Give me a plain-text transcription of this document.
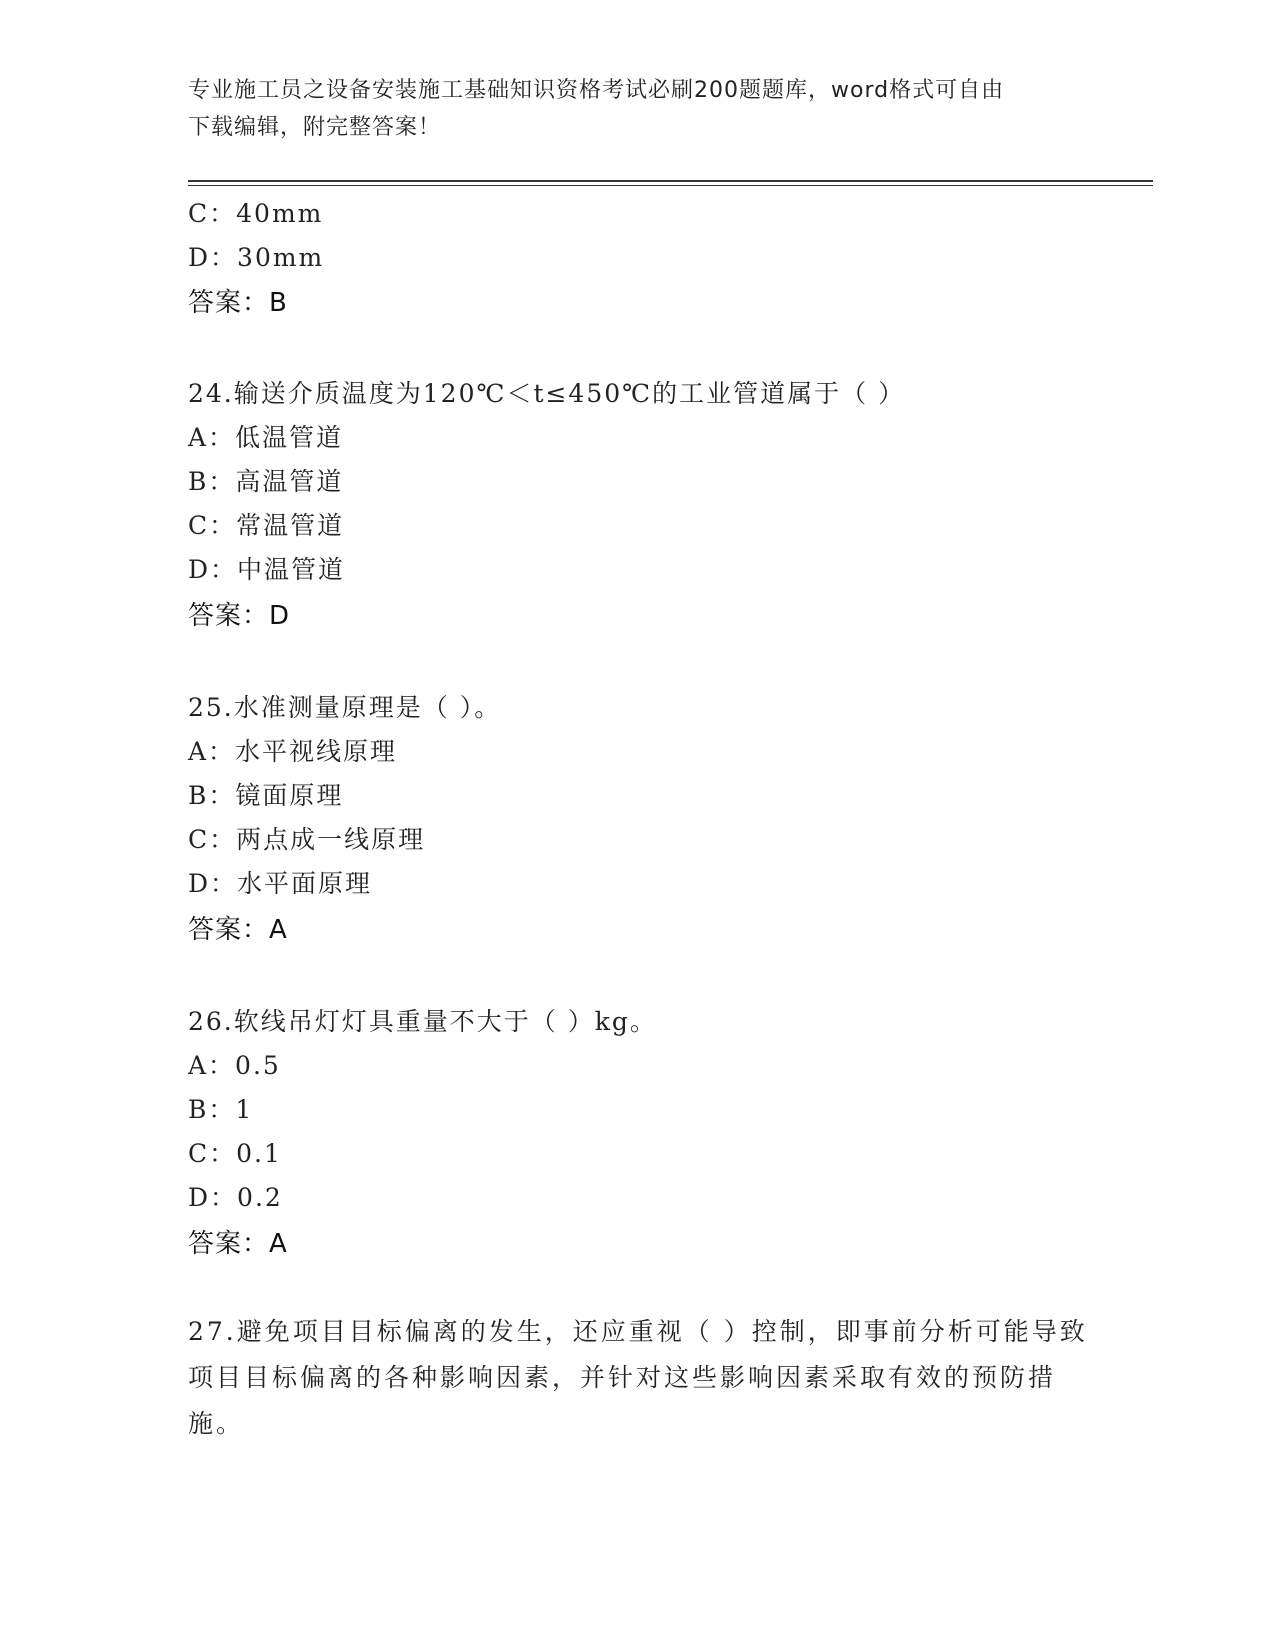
专业施工员之设备安装施工基础知识资格考试必刷200题题库，word格式可自由
下载编辑，附完整答案！
C：40mm
D：30mm
答案：B
24.输送介质温度为120℃＜t≤450℃的工业管道属于（ ）
A：低温管道
B：高温管道
C：常温管道
D：中温管道
答案：D
25.水准测量原理是（ ）。
A：水平视线原理
B：镜面原理
C：两点成一线原理
D：水平面原理
答案：A
26.软线吊灯灯具重量不大于（ ）kg。
A：0.5
B：1
C：0.1
D：0.2
答案：A
27.避免项目目标偏离的发生，还应重视（ ）控制，即事前分析可能导致项目目标偏离的各种影响因素，并针对这些影响因素采取有效的预防措施。
